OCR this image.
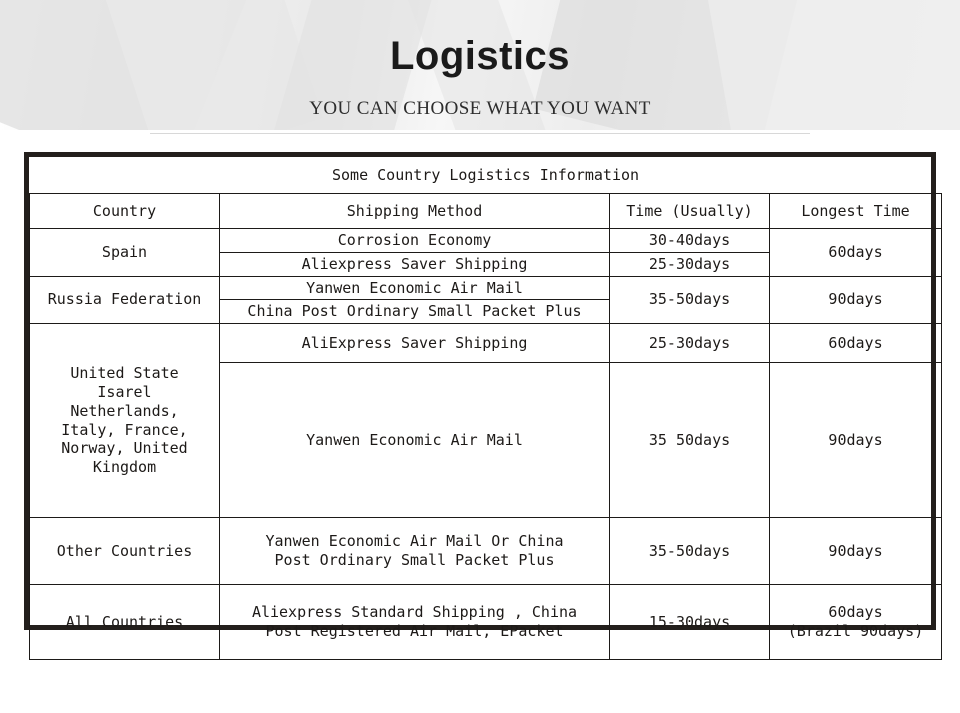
Logistics
YOU CAN CHOOSE WHAT YOU WANT
Some Country Logistics Information			
Country	Shipping Method	Time (Usually)	Longest Time
Spain	Corrosion Economy	30-40days	60days
	Aliexpress Saver Shipping	25-30days	
Russia Federation	Yanwen Economic Air Mail	35-50days	90days
	China Post Ordinary Small Packet Plus		
United State
Isarel
Netherlands,
Italy, France,
Norway, United
Kingdom	AliExpress Saver Shipping	25-30days	60days
	Yanwen Economic Air Mail	35 50days	90days
Other Countries	Yanwen Economic Air Mail Or China
Post Ordinary Small Packet Plus	35-50days	90days
All Countries	Aliexpress Standard Shipping , China
Post Registered Air Mail, EPacket	15-30days	60days
(Brazil 90days)
